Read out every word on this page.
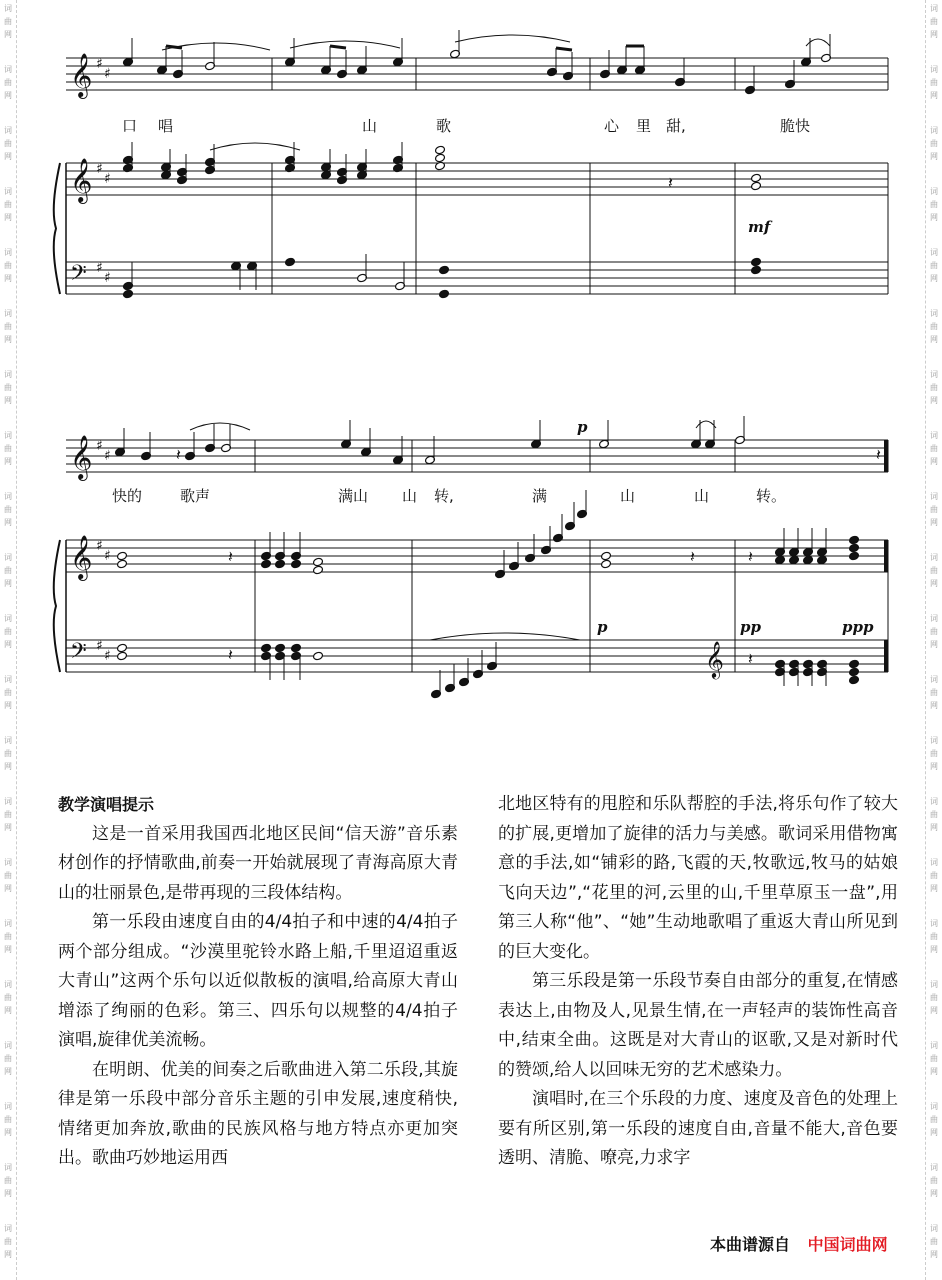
词
曲
网
词
曲
网
词
曲
网
词
曲
网
词
曲
网
词
曲
网
词
曲
网
词
曲
网
词
曲
网
词
曲
网
词
曲
网
词
曲
网
词
曲
网
词
曲
网
词
曲
网
词
曲
网
词
曲
网
词
曲
网
词
曲
网
词
曲
网
词
曲
网
词
曲
网
词
曲
网
词
曲
网
词
曲
网
词
曲
网
词
曲
网
词
曲
网
词
曲
网
词
曲
网
词
曲
网
词
曲
网
词
曲
网
词
曲
网
词
曲
网
词
曲
网
词
曲
网
词
曲
网
词
曲
网
词
曲
网
词
曲
网
词
曲
网
𝄞 ♯
♯
𝄞 ♯
♯
𝄢 ♯
♯
𝄞 ♯
♯
𝄞 ♯
♯
𝄢 ♯
♯	𝄞
𝄽
𝄽	𝄽
𝄽	𝄽	𝄽
𝄽	𝄽
mf
p
p	pp	ppp
口 唱	山	歌	心 里 甜,	脆快
快的	歌声	满山 山 转,	满	山	山	转。

教学演唱提示

这是一首采用我国西北地区民间“信天游”音乐素材创作的抒情歌曲,前奏一开始就展现了青海高原大青山的壮丽景色,是带再现的三段体结构。

第一乐段由速度自由的4/4拍子和中速的4/4拍子两个部分组成。“沙漠里驼铃水路上船,千里迢迢重返大青山”这两个乐句以近似散板的演唱,给高原大青山增添了绚丽的色彩。第三、四乐句以规整的4/4拍子演唱,旋律优美流畅。

在明朗、优美的间奏之后歌曲进入第二乐段,其旋律是第一乐段中部分音乐主题的引申发展,速度稍快,情绪更加奔放,歌曲的民族风格与地方特点亦更加突出。歌曲巧妙地运用西

北地区特有的甩腔和乐队帮腔的手法,将乐句作了较大的扩展,更增加了旋律的活力与美感。歌词采用借物寓意的手法,如“铺彩的路,飞霞的天,牧歌远,牧马的姑娘飞向天边”,“花里的河,云里的山,千里草原玉一盘”,用第三人称“他”、“她”生动地歌唱了重返大青山所见到的巨大变化。

第三乐段是第一乐段节奏自由部分的重复,在情感表达上,由物及人,见景生情,在一声轻声的装饰性高音中,结束全曲。这既是对大青山的讴歌,又是对新时代的赞颂,给人以回味无穷的艺术感染力。

演唱时,在三个乐段的力度、速度及音色的处理上要有所区别,第一乐段的速度自由,音量不能大,音色要透明、清脆、嘹亮,力求字

本曲谱源自 中国词曲网
